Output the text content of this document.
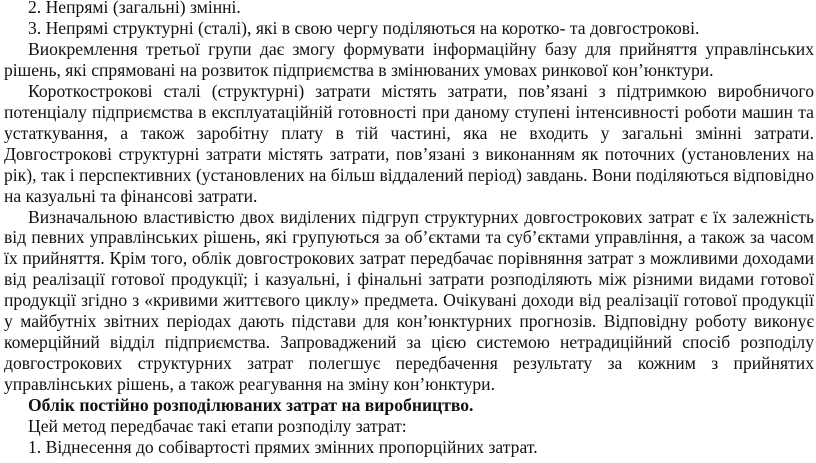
2. Непрямі (загальні) змінні.

3. Непрямі структурні (сталі), які в свою чергу поділяються на коротко- та довгострокові.

Виокремлення третьої групи дає змогу формувати інформаційну базу для прийняття управлінських рішень, які спрямовані на розвиток підприємства в змінюваних умовах ринкової кон’юнктури.

Короткострокові сталі (структурні) затрати містять затрати, пов’язані з підтримкою виробничого потенціалу підприємства в експлуатаційній готовності при даному ступені інтенсивності роботи машин та устаткування, а також заробітну плату в тій частині, яка не входить у загальні змінні затрати. Довгострокові структурні затрати містять затрати, пов’язані з виконанням як поточних (установлених на рік), так і перспективних (установлених на більш віддалений період) завдань. Вони поділяються відповідно на казуальні та фінансові затрати.

Визначальною властивістю двох виділених підгруп структурних довгострокових затрат є їх залежність від певних управлінських рішень, які групуються за об’єктами та суб’єктами управління, а також за часом їх прийняття. Крім того, облік довгострокових затрат передбачає порівняння затрат з можливими доходами від реалізації готової продукції; і казуальні, і фінальні затрати розподіляють між різними видами готової продукції згідно з «кривими життєвого циклу» предмета. Очікувані доходи від реалізації готової продукції у майбутніх звітних періодах дають підстави для кон’юнктурних прогнозів. Відповідну роботу виконує комерційний відділ підприємства. Запроваджений за цією системою нетрадиційний спосіб розподілу довгострокових структурних затрат полегшує передбачення результату за кожним з прийнятих управлінських рішень, а також реагування на зміну кон’юнктури.

Облік постійно розподілюваних затрат на виробництво.

Цей метод передбачає такі етапи розподілу затрат:

1. Віднесення до собівартості прямих змінних пропорційних затрат.
